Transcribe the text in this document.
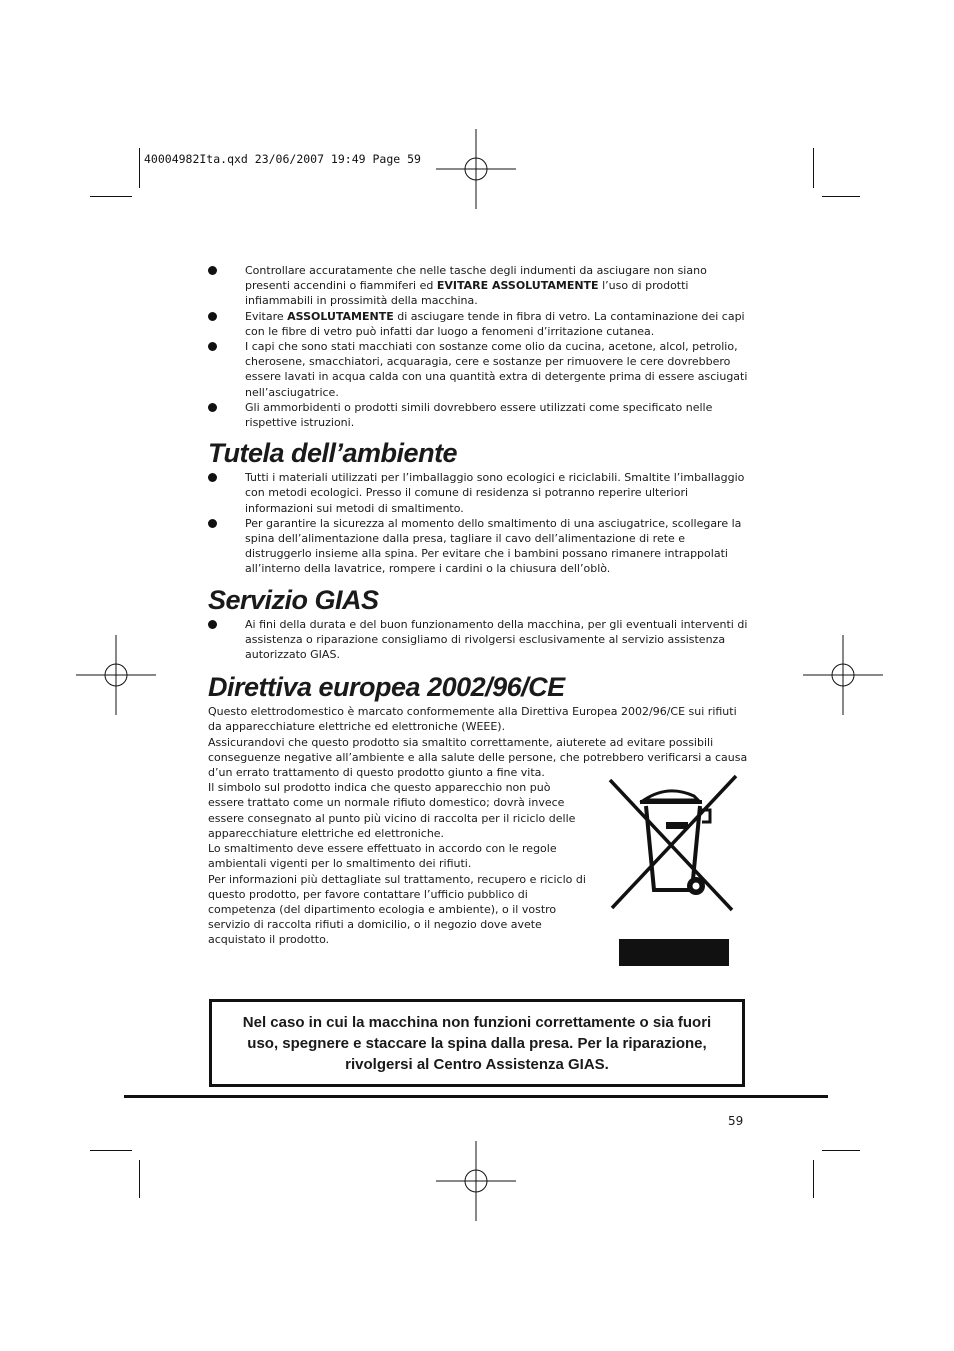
40004982Ita.qxd 23/06/2007 19:49 Page 59
Controllare accuratamente che nelle tasche degli indumenti da asciugare non siano presenti accendini o fiammiferi ed EVITARE ASSOLUTAMENTE l’uso di prodotti infiammabili in prossimità della macchina.
Evitare ASSOLUTAMENTE di asciugare tende in fibra di vetro. La contaminazione dei capi con le fibre di vetro può infatti dar luogo a fenomeni d’irritazione cutanea.
I capi che sono stati macchiati con sostanze come olio da cucina, acetone, alcol, petrolio, cherosene, smacchiatori, acquaragia, cere e sostanze per rimuovere le cere dovrebbero essere lavati in acqua calda con una quantità extra di detergente prima di essere asciugati nell’asciugatrice.
Gli ammorbidenti o prodotti simili dovrebbero essere utilizzati come specificato nelle rispettive istruzioni.
Tutela dell’ambiente
Tutti i materiali utilizzati per l’imballaggio sono ecologici e riciclabili. Smaltite l’imballaggio con metodi ecologici. Presso il comune di residenza si potranno reperire ulteriori informazioni sui metodi di smaltimento.
Per garantire la sicurezza al momento dello smaltimento di una asciugatrice, scollegare la spina dell’alimentazione dalla presa, tagliare il cavo dell’alimentazione di rete e distruggerlo insieme alla spina. Per evitare che i bambini possano rimanere intrappolati all’interno della lavatrice, rompere i cardini o la chiusura dell’oblò.
Servizio GIAS
Ai fini della durata e del buon funzionamento della macchina, per gli eventuali interventi di assistenza o riparazione consigliamo di rivolgersi esclusivamente al servizio assistenza autorizzato GIAS.
Direttiva europea 2002/96/CE

Questo elettrodomestico è marcato conformemente alla Direttiva Europea 2002/96/CE sui rifiuti da apparecchiature elettriche ed elettroniche (WEEE).

Assicurandovi che questo prodotto sia smaltito correttamente, aiuterete ad evitare possibili conseguenze negative all’ambiente e alla salute delle persone, che potrebbero verificarsi a causa d’un errato trattamento di questo prodotto giunto a fine vita.

Il simbolo sul prodotto indica che questo apparecchio non può essere trattato come un normale rifiuto domestico; dovrà invece essere consegnato al punto più vicino di raccolta per il riciclo delle apparecchiature elettriche ed elettroniche.

Lo smaltimento deve essere effettuato in accordo con le regole ambientali vigenti per lo smaltimento dei rifiuti.

Per informazioni più dettagliate sul trattamento, recupero e riciclo di questo prodotto, per favore contattare l’ufficio pubblico di competenza (del dipartimento ecologia e ambiente), o il vostro servizio di raccolta rifiuti a domicilio, o il negozio dove avete acquistato il prodotto.

Nel caso in cui la macchina non funzioni correttamente o sia fuori uso, spegnere e staccare la spina dalla presa. Per la riparazione, rivolgersi al Centro Assistenza GIAS.

59
